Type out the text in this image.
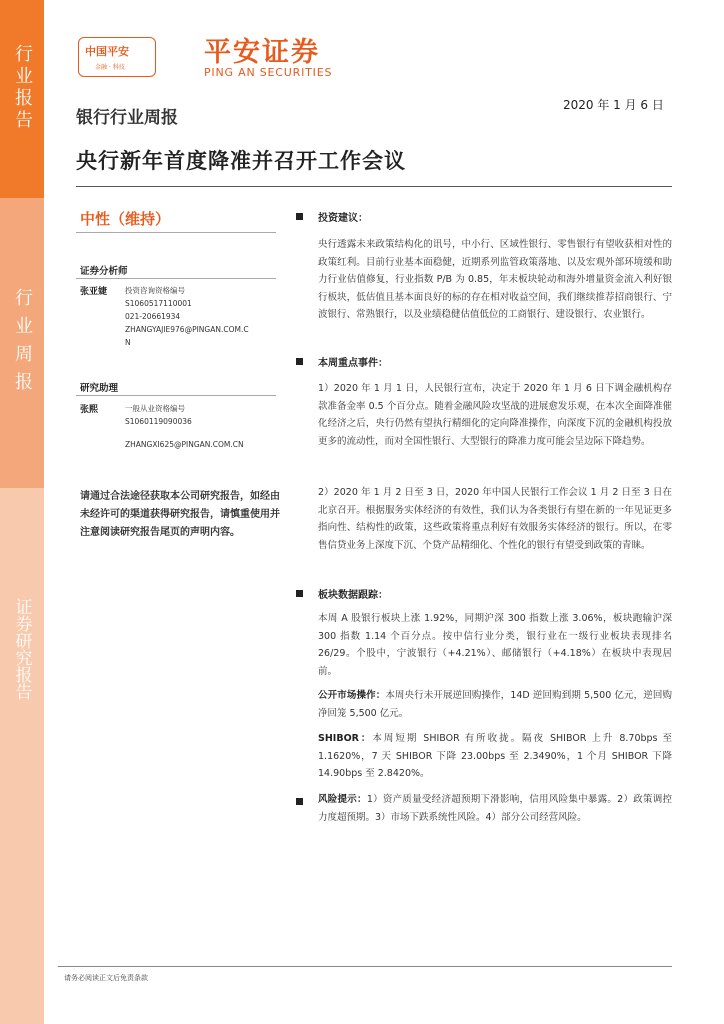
行业报告
行业周报
证券研究报告
中国平安
金融 · 科技	平安证券
PING AN SECURITIES
2020 年 1 月 6 日
银行行业周报
央行新年首度降准并召开工作会议
中性（维持）
证券分析师
张亚婕 投资咨询资格编号
S1060517110001
021-20661934
ZHANGYAJIE976@PINGAN.COM.C
N
研究助理
张熙	一般从业资格编号
S1060119090036
ZHANGXI625@PINGAN.COM.CN
请通过合法途径获取本公司研究报告，如经由未经许可的渠道获得研究报告，请慎重使用并注意阅读研究报告尾页的声明内容。
投资建议：
央行透露未来政策结构化的讯号，中小行、区域性银行、零售银行有望收获相对性的政策红利。目前行业基本面稳健，近期系列监管政策落地、以及宏观外部环境缓和助力行业估值修复，行业指数 P/B 为 0.85，年末板块轮动和海外增量资金流入利好银行板块，低估值且基本面良好的标的存在相对收益空间，我们继续推荐招商银行、宁波银行、常熟银行，以及业绩稳健估值低位的工商银行、建设银行、农业银行。
本周重点事件：
1）2020 年 1 月 1 日，人民银行宣布，决定于 2020 年 1 月 6 日下调金融机构存款准备金率 0.5 个百分点。随着金融风险攻坚战的进展愈发乐观，在本次全面降准催化经济之后，央行仍然有望执行精细化的定向降准操作，向深度下沉的金融机构投放更多的流动性，而对全国性银行、大型银行的降准力度可能会呈边际下降趋势。
2）2020 年 1 月 2 日至 3 日，2020 年中国人民银行工作会议 1 月 2 日至 3 日在北京召开。根据服务实体经济的有效性，我们认为各类银行有望在新的一年见证更多指向性、结构性的政策，这些政策将重点利好有效服务实体经济的银行。所以，在零售信贷业务上深度下沉、个贷产品精细化、个性化的银行有望受到政策的青睐。
板块数据跟踪：
本周 A 股银行板块上涨 1.92%，同期沪深 300 指数上涨 3.06%，板块跑输沪深 300 指数 1.14 个百分点。按中信行业分类，银行业在一级行业板块表现排名 26/29。个股中，宁波银行（+4.21%）、邮储银行（+4.18%）在板块中表现居前。
公开市场操作：本周央行未开展逆回购操作，14D 逆回购到期 5,500 亿元，逆回购净回笼 5,500 亿元。
SHIBOR：本周短期 SHIBOR 有所收拢。隔夜 SHIBOR 上升 8.70bps 至 1.1620%，7 天 SHIBOR 下降 23.00bps 至 2.3490%，1 个月 SHIBOR 下降 14.90bps 至 2.8420%。
风险提示：1）资产质量受经济超预期下滑影响，信用风险集中暴露。2）政策调控力度超预期。3）市场下跌系统性风险。4）部分公司经营风险。
请务必阅读正文后免责条款
